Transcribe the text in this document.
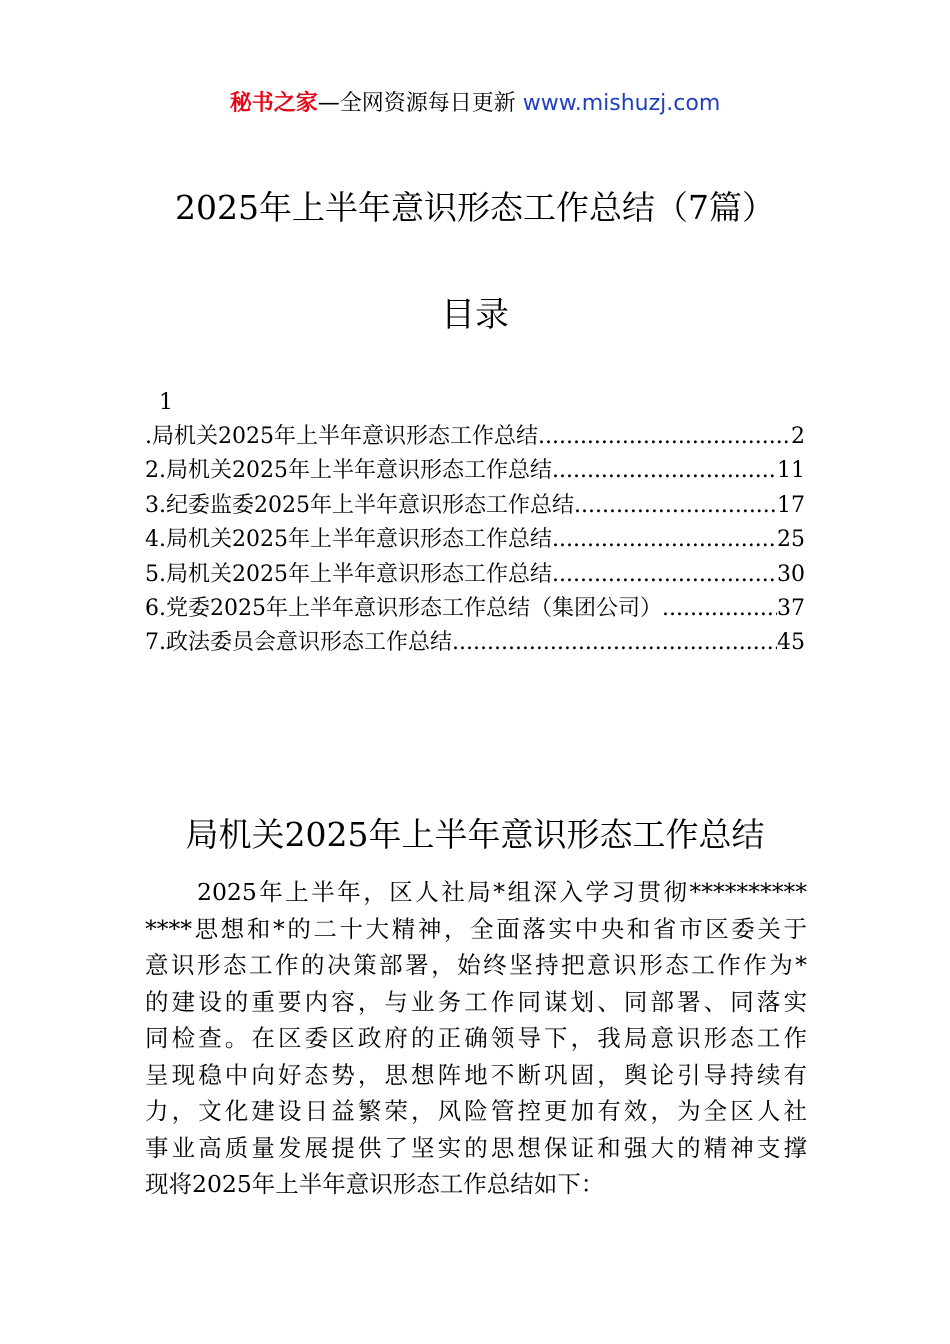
秘书之家—全网资源每日更新 www.mishuzj.com
2025年上半年意识形态工作总结（7篇）
目录
1
.局机关2025年上半年意识形态工作总结 .....	2
2.局机关2025年上半年意识形态工作总结 .....	11
3.纪委监委2025年上半年意识形态工作总结 .....	17
4.局机关2025年上半年意识形态工作总结 .....	25
5.局机关2025年上半年意识形态工作总结 .....	30
6.党委2025年上半年意识形态工作总结（集团公司） .....	37
7.政法委员会意识形态工作总结 .....	45
局机关2025年上半年意识形态工作总结
　　2025年上半年，区人社局*组深入学习贯彻**********
****思想和*的二十大精神，全面落实中央和省市区委关于
意识形态工作的决策部署，始终坚持把意识形态工作作为*
的建设的重要内容，与业务工作同谋划、同部署、同落实
同检查。在区委区政府的正确领导下，我局意识形态工作
呈现稳中向好态势，思想阵地不断巩固，舆论引导持续有
力，文化建设日益繁荣，风险管控更加有效，为全区人社
事业高质量发展提供了坚实的思想保证和强大的精神支撑
现将2025年上半年意识形态工作总结如下：
